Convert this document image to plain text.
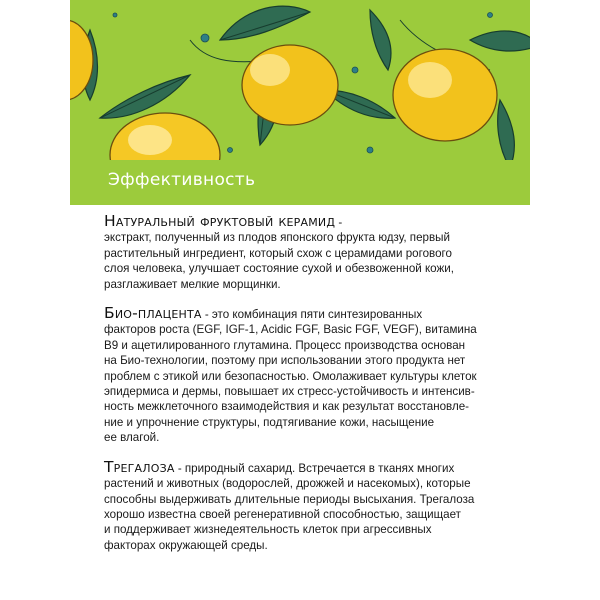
Эффективность
Натуральный фруктовый керамид -
экстракт, полученный из плодов японского фрукта юдзу, первый
растительный ингредиент, который схож с церамидами рогового
слоя человека, улучшает состояние сухой и обезвоженной кожи,
разглаживает мелкие морщинки.
Био-плацента - это комбинация пяти синтезированных
факторов роста (EGF, IGF-1, Acidic FGF, Basic FGF, VEGF), витамина
B9 и ацетилированного глутамина. Процесс производства основан
на Био-технологии, поэтому при использовании этого продукта нет
проблем с этикой или безопасностью. Омолаживает культуры клеток
эпидермиса и дермы, повышает их стресс-устойчивость и интенсив-
ность межклеточного взаимодействия и как результат восстановле-
ние и упрочнение структуры, подтягивание кожи, насыщение
ее влагой.
Трегалоза - природный сахарид. Встречается в тканях многих
растений и животных (водорослей, дрожжей и насекомых), которые
способны выдерживать длительные периоды высыхания. Трегалоза
хорошо известна своей регенеративной способностью, защищает
и поддерживает жизнедеятельность клеток при агрессивных
факторах окружающей среды.
